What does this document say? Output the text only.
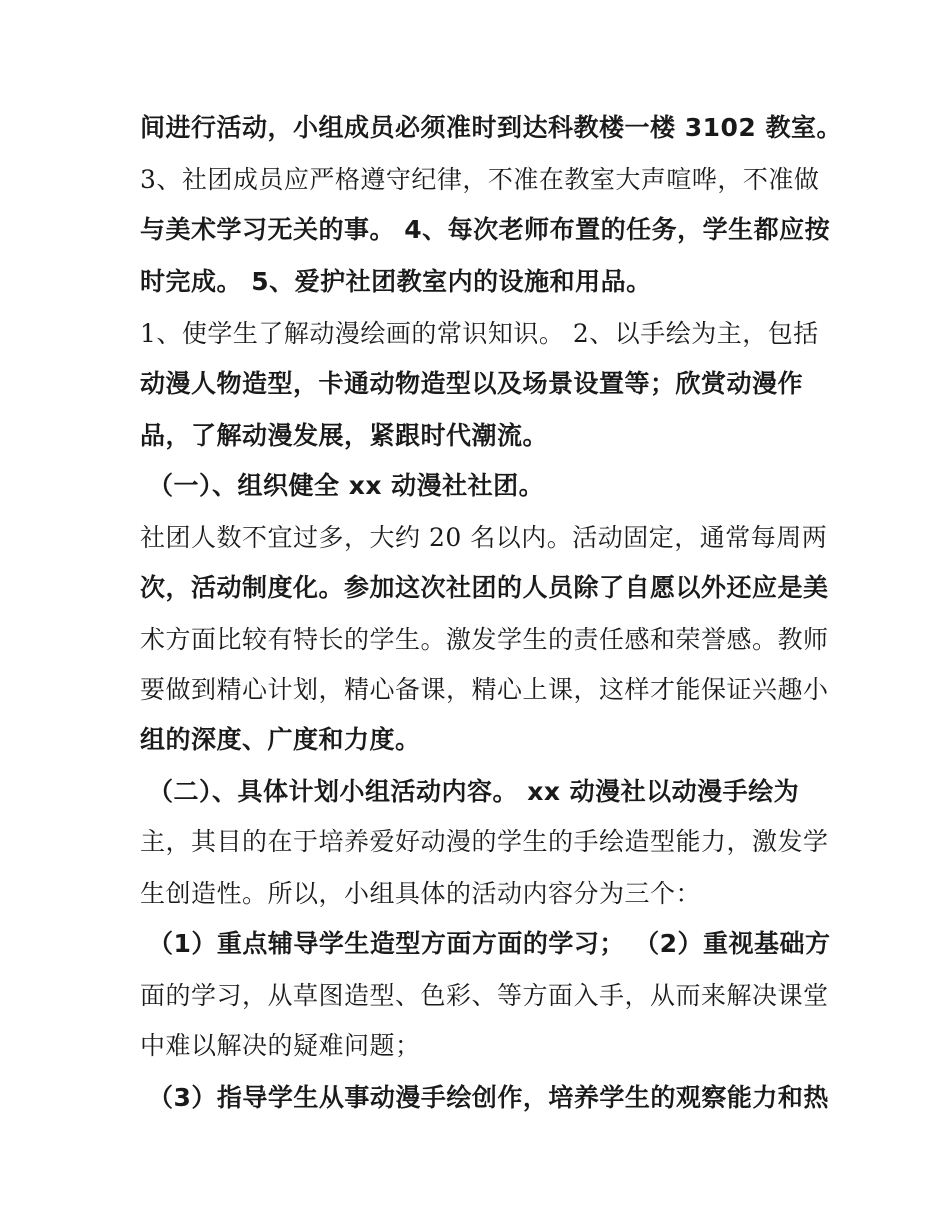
间进行活动，小组成员必须准时到达科教楼一楼 3102 教室。
3、社团成员应严格遵守纪律，不准在教室大声喧哗，不准做
与美术学习无关的事。 4、每次老师布置的任务，学生都应按
时完成。 5、爱护社团教室内的设施和用品。
1、使学生了解动漫绘画的常识知识。 2、以手绘为主，包括
动漫人物造型，卡通动物造型以及场景设置等；欣赏动漫作
品，了解动漫发展，紧跟时代潮流。
（一）、组织健全 xx 动漫社社团。
社团人数不宜过多，大约 20 名以内。活动固定，通常每周两
次，活动制度化。参加这次社团的人员除了自愿以外还应是美
术方面比较有特长的学生。激发学生的责任感和荣誉感。教师
要做到精心计划，精心备课，精心上课，这样才能保证兴趣小
组的深度、广度和力度。
（二）、具体计划小组活动内容。 xx 动漫社以动漫手绘为
主，其目的在于培养爱好动漫的学生的手绘造型能力，激发学
生创造性。所以，小组具体的活动内容分为三个：
（1）重点辅导学生造型方面方面的学习； （2）重视基础方
面的学习，从草图造型、色彩、等方面入手，从而来解决课堂
中难以解决的疑难问题；
（3）指导学生从事动漫手绘创作，培养学生的观察能力和热
